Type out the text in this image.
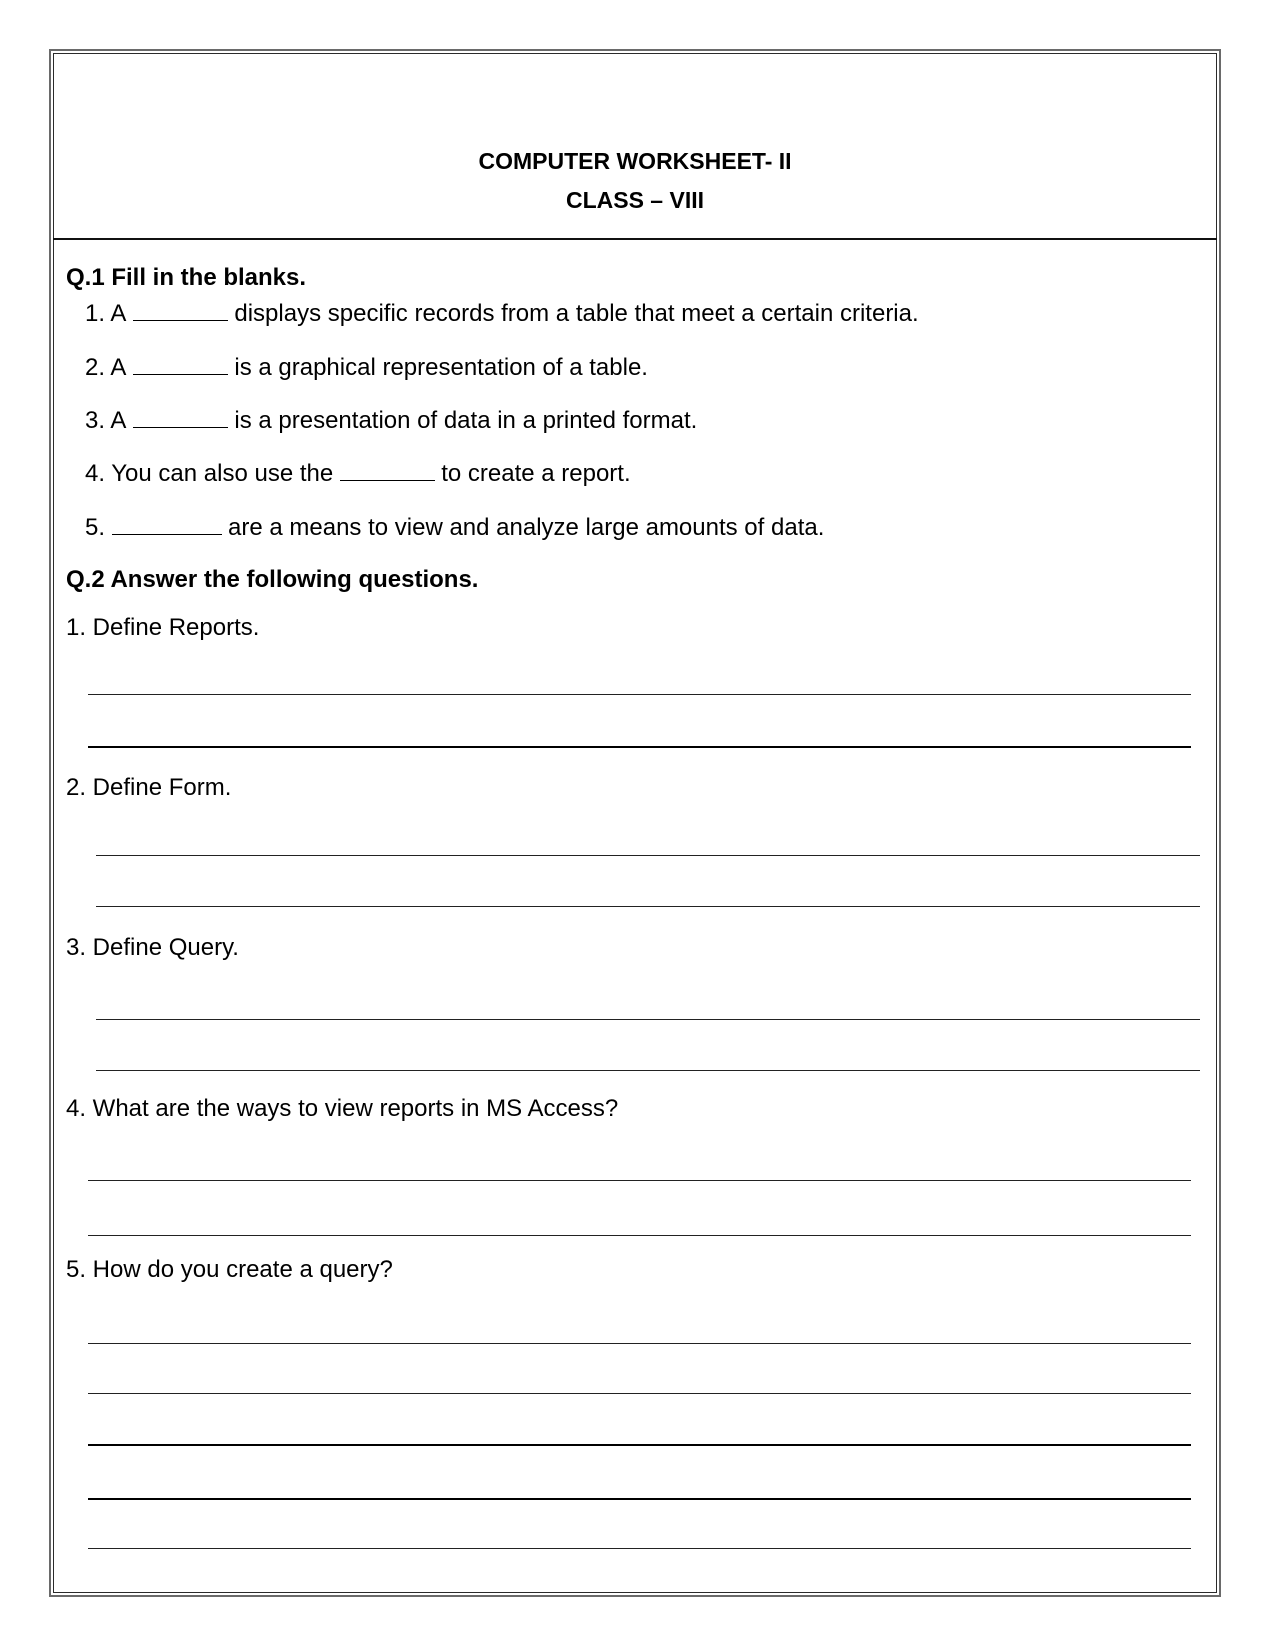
COMPUTER WORKSHEET- II
CLASS – VIII
Q.1 Fill in the blanks.
1. A	displays specific records from a table that meet a certain criteria.
2. A	is a graphical representation of a table.
3. A	is a presentation of data in a printed format.
4. You can also use the	to create a report.
5.	are a means to view and analyze large amounts of data.
Q.2 Answer the following questions.
1. Define Reports.
2. Define Form.
3. Define Query.
4. What are the ways to view reports in MS Access?
5. How do you create a query?
